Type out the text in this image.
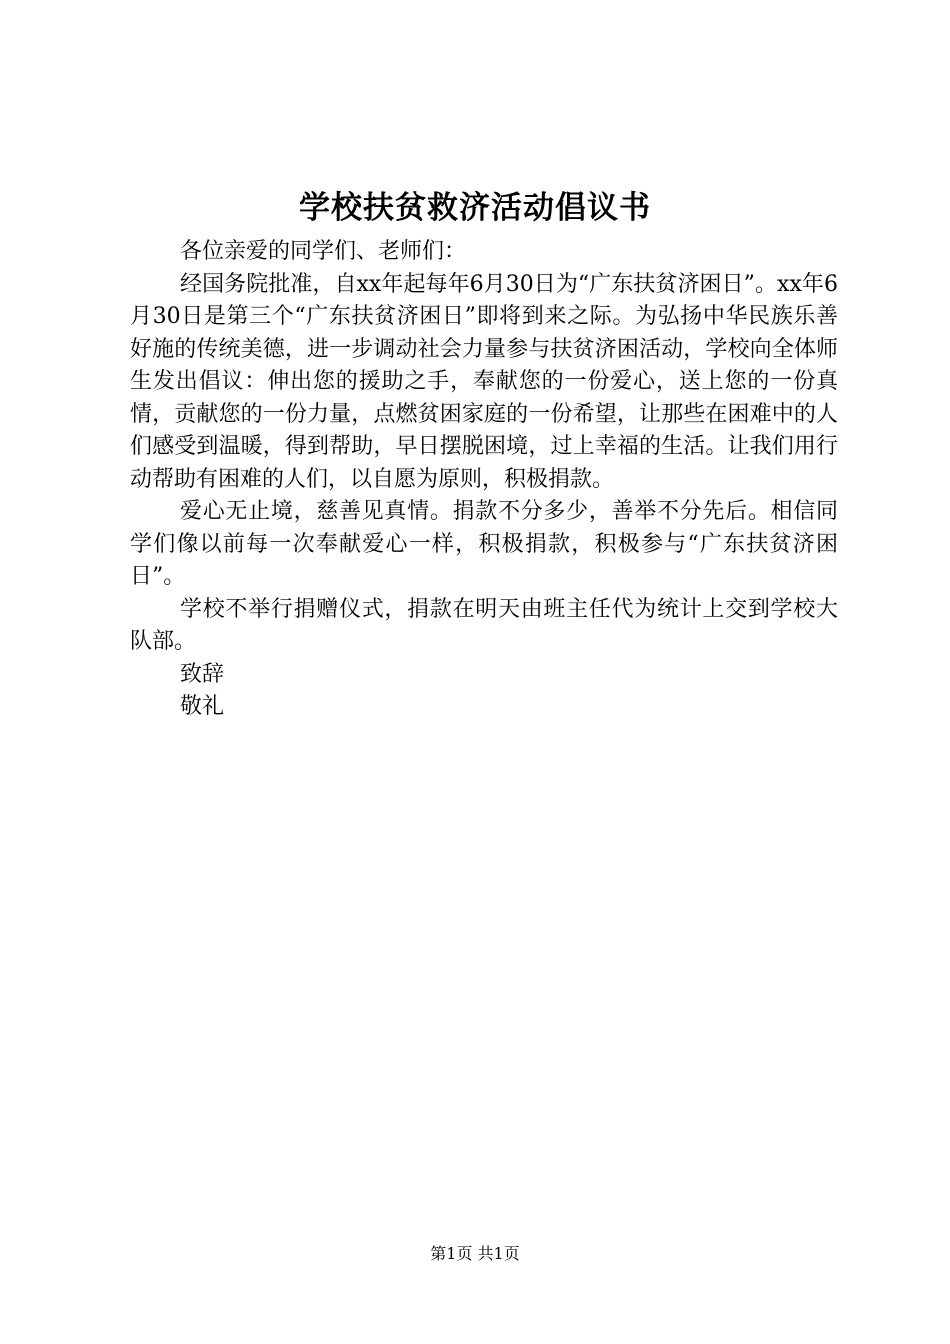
学校扶贫救济活动倡议书

各位亲爱的同学们、老师们：

经国务院批准，自xx年起每年6月30日为“广东扶贫济困日”。xx年6月30日是第三个“广东扶贫济困日”即将到来之际。为弘扬中华民族乐善好施的传统美德，进一步调动社会力量参与扶贫济困活动，学校向全体师生发出倡议：伸出您的援助之手，奉献您的一份爱心，送上您的一份真情，贡献您的一份力量，点燃贫困家庭的一份希望，让那些在困难中的人们感受到温暖，得到帮助，早日摆脱困境，过上幸福的生活。让我们用行动帮助有困难的人们，以自愿为原则，积极捐款。

爱心无止境，慈善见真情。捐款不分多少，善举不分先后。相信同学们像以前每一次奉献爱心一样，积极捐款，积极参与“广东扶贫济困日”。

学校不举行捐赠仪式，捐款在明天由班主任代为统计上交到学校大队部。

致辞

敬礼

第1页 共1页
